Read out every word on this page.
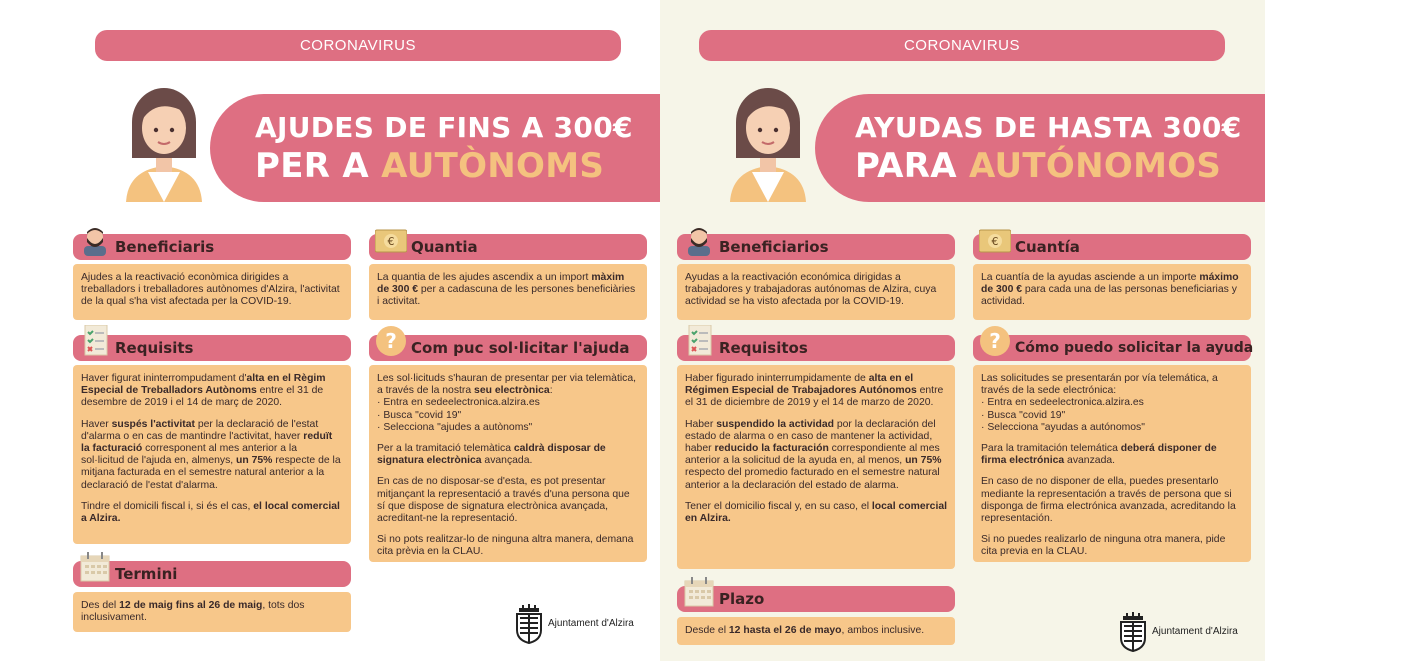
CORONAVIRUS
AJUDES DE FINS A 300€
PER A AUTÒNOMS
Beneficiaris

Ajudes a la reactivació econòmica dirigides a treballadors i treballadores autònomes d'Alzira, l'activitat de la qual s'ha vist afectada per la COVID-19.

Requisits

Haver figurat ininterrompudament d'alta en el Règim Especial de Treballadors Autònoms entre el 31 de desembre de 2019 i el 14 de març de 2020.

Haver suspés l'activitat per la declaració de l'estat d'alarma o en cas de mantindre l'activitat, haver reduït la facturació corresponent al mes anterior a la sol·licitud de l'ajuda en, almenys, un 75% respecte de la mitjana facturada en el semestre natural anterior a la declaració de l'estat d'alarma.

Tindre el domicili fiscal i, si és el cas, el local comercial a Alzira.

Termini

Des del 12 de maig fins al 26 de maig, tots dos inclusivament.

€ Quantia

La quantia de les ajudes ascendix a un import màxim de 300 € per a cadascuna de les persones beneficiàries i activitat.

? Com puc sol·licitar l'ajuda

Les sol·licituds s'hauran de presentar per via telemàtica, a través de la nostra seu electrònica:
· Entra en sedeelectronica.alzira.es
· Busca "covid 19"
· Selecciona "ajudes a autònoms"

Per a la tramitació telemàtica caldrà disposar de signatura electrònica avançada.

En cas de no disposar-se d'esta, es pot presentar mitjançant la representació a través d'una persona que sí que dispose de signatura electrònica avançada, acreditant-ne la representació.

Si no pots realitzar-lo de ninguna altra manera, demana cita prèvia en la CLAU.

Ajuntament d'Alzira
CORONAVIRUS
AYUDAS DE HASTA 300€
PARA AUTÓNOMOS
Beneficiarios

Ayudas a la reactivación económica dirigidas a trabajadores y trabajadoras autónomas de Alzira, cuya actividad se ha visto afectada por la COVID-19.

Requisitos

Haber figurado ininterrumpidamente de alta en el Régimen Especial de Trabajadores Autónomos entre el 31 de diciembre de 2019 y el 14 de marzo de 2020.

Haber suspendido la actividad por la declaración del estado de alarma o en caso de mantener la actividad, haber reducido la facturación correspondiente al mes anterior a la solicitud de la ayuda en, al menos, un 75% respecto del promedio facturado en el semestre natural anterior a la declaración del estado de alarma.

Tener el domicilio fiscal y, en su caso, el local comercial en Alzira.

Plazo

Desde el 12 hasta el 26 de mayo, ambos inclusive.

€ Cuantía

La cuantía de la ayudas asciende a un importe máximo de 300 € para cada una de las personas beneficiarias y actividad.

? Cómo puedo solicitar la ayuda

Las solicitudes se presentarán por vía telemática, a través de la sede electrónica:
· Entra en sedeelectronica.alzira.es
· Busca "covid 19"
· Selecciona "ayudas a autónomos"

Para la tramitación telemática deberá disponer de firma electrónica avanzada.

En caso de no disponer de ella, puedes presentarlo mediante la representación a través de persona que si disponga de firma electrónica avanzada, acreditando la representación.

Si no puedes realizarlo de ninguna otra manera, pide cita previa en la CLAU.

Ajuntament d'Alzira
